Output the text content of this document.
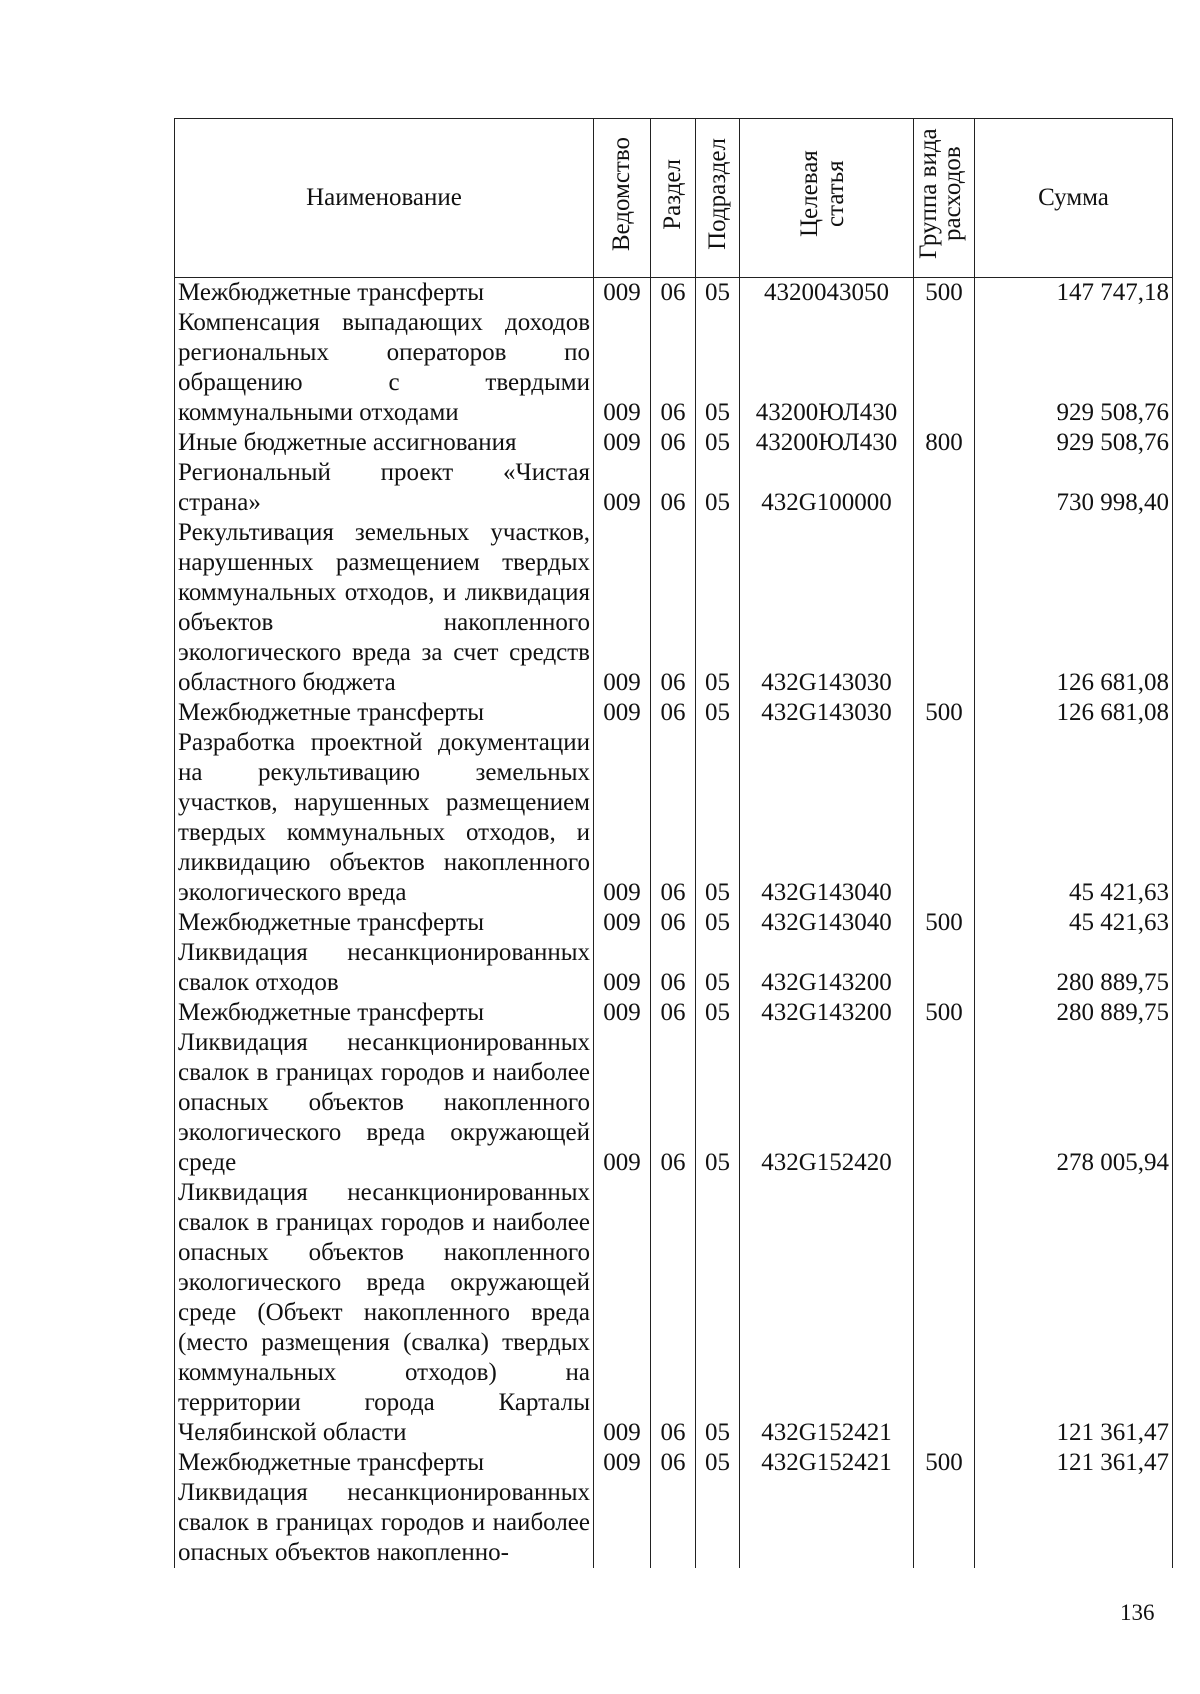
Наименование	Ведомство	Раздел	Подраздел	Целевая статья	Группа вида расходов	Сумма
Межбюджетные трансферты	009	06	05	4320043050	500	147 747,18
Компенсация выпадающих доходов региональных операторов по обращению с твердыми коммунальными отходами	009	06	05	43200ЮЛ430		929 508,76
Иные бюджетные ассигнования	009	06	05	43200ЮЛ430	800	929 508,76
Региональный проект «Чистая страна»	009	06	05	432G100000		730 998,40
Рекультивация земельных участков, нарушенных размещением твердых коммунальных отходов, и ликвидация объектов накопленного экологического вреда за счет средств областного бюджета	009	06	05	432G143030		126 681,08
Межбюджетные трансферты	009	06	05	432G143030	500	126 681,08
Разработка проектной документации на рекультивацию земельных участков, нарушенных размещением твердых коммунальных отходов, и ликвидацию объектов накопленного экологического вреда	009	06	05	432G143040		45 421,63
Межбюджетные трансферты	009	06	05	432G143040	500	45 421,63
Ликвидация несанкционированных свалок отходов	009	06	05	432G143200		280 889,75
Межбюджетные трансферты	009	06	05	432G143200	500	280 889,75
Ликвидация несанкционированных свалок в границах городов и наиболее опасных объектов накопленного экологического вреда окружающей среде	009	06	05	432G152420		278 005,94
Ликвидация несанкционированных свалок в границах городов и наиболее опасных объектов накопленного экологического вреда окружающей среде (Объект накопленного вреда (место размещения (свалка) твердых коммунальных отходов) на территории города Карталы Челябинской области	009	06	05	432G152421		121 361,47
Межбюджетные трансферты	009	06	05	432G152421	500	121 361,47
Ликвидация несанкционированных свалок в границах городов и наиболее опасных объектов накопленно-						
136
